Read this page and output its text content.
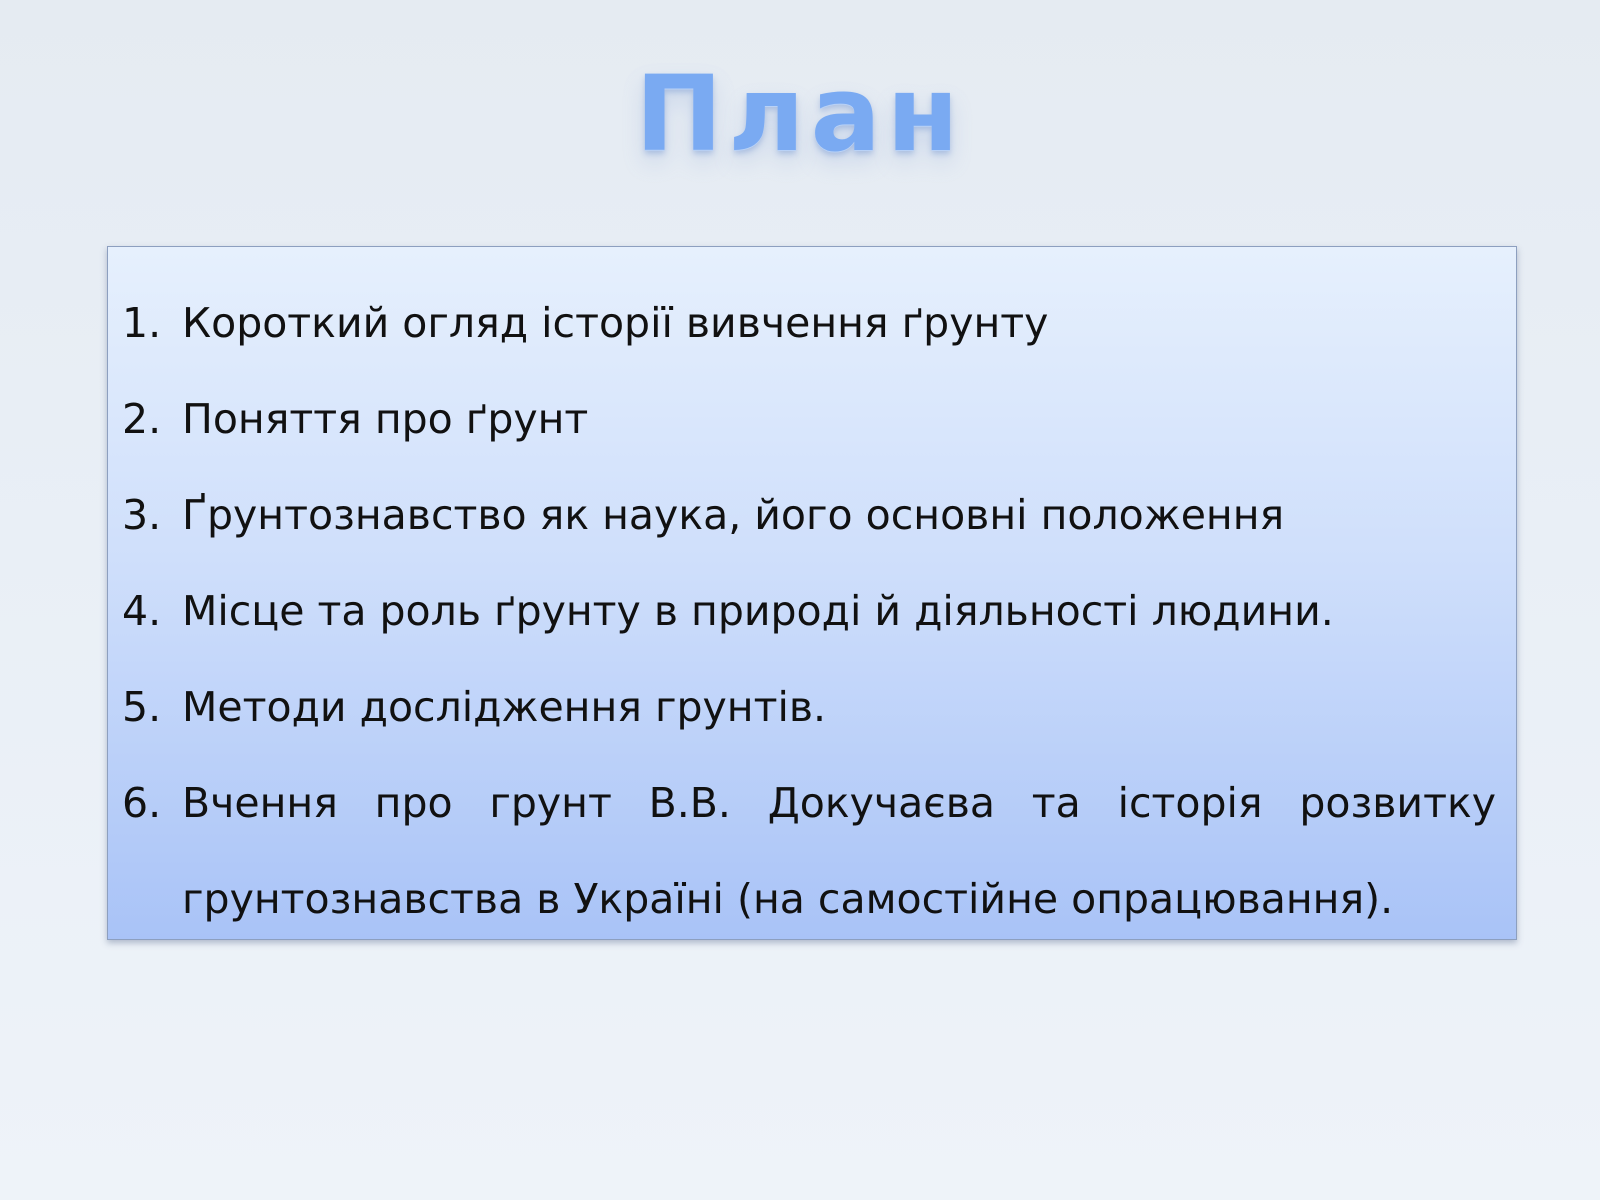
План
1. Короткий огляд історії вивчення ґрунту
2. Поняття про ґрунт
3. Ґрунтознавство як наука, його основні положення
4. Місце та роль ґрунту в природі й діяльності людини.
5. Методи дослідження грунтів.
6. Вчення про грунт В.В. Докучаєва та історія розвитку грунтознавства в Україні (на самостійне опрацювання).
